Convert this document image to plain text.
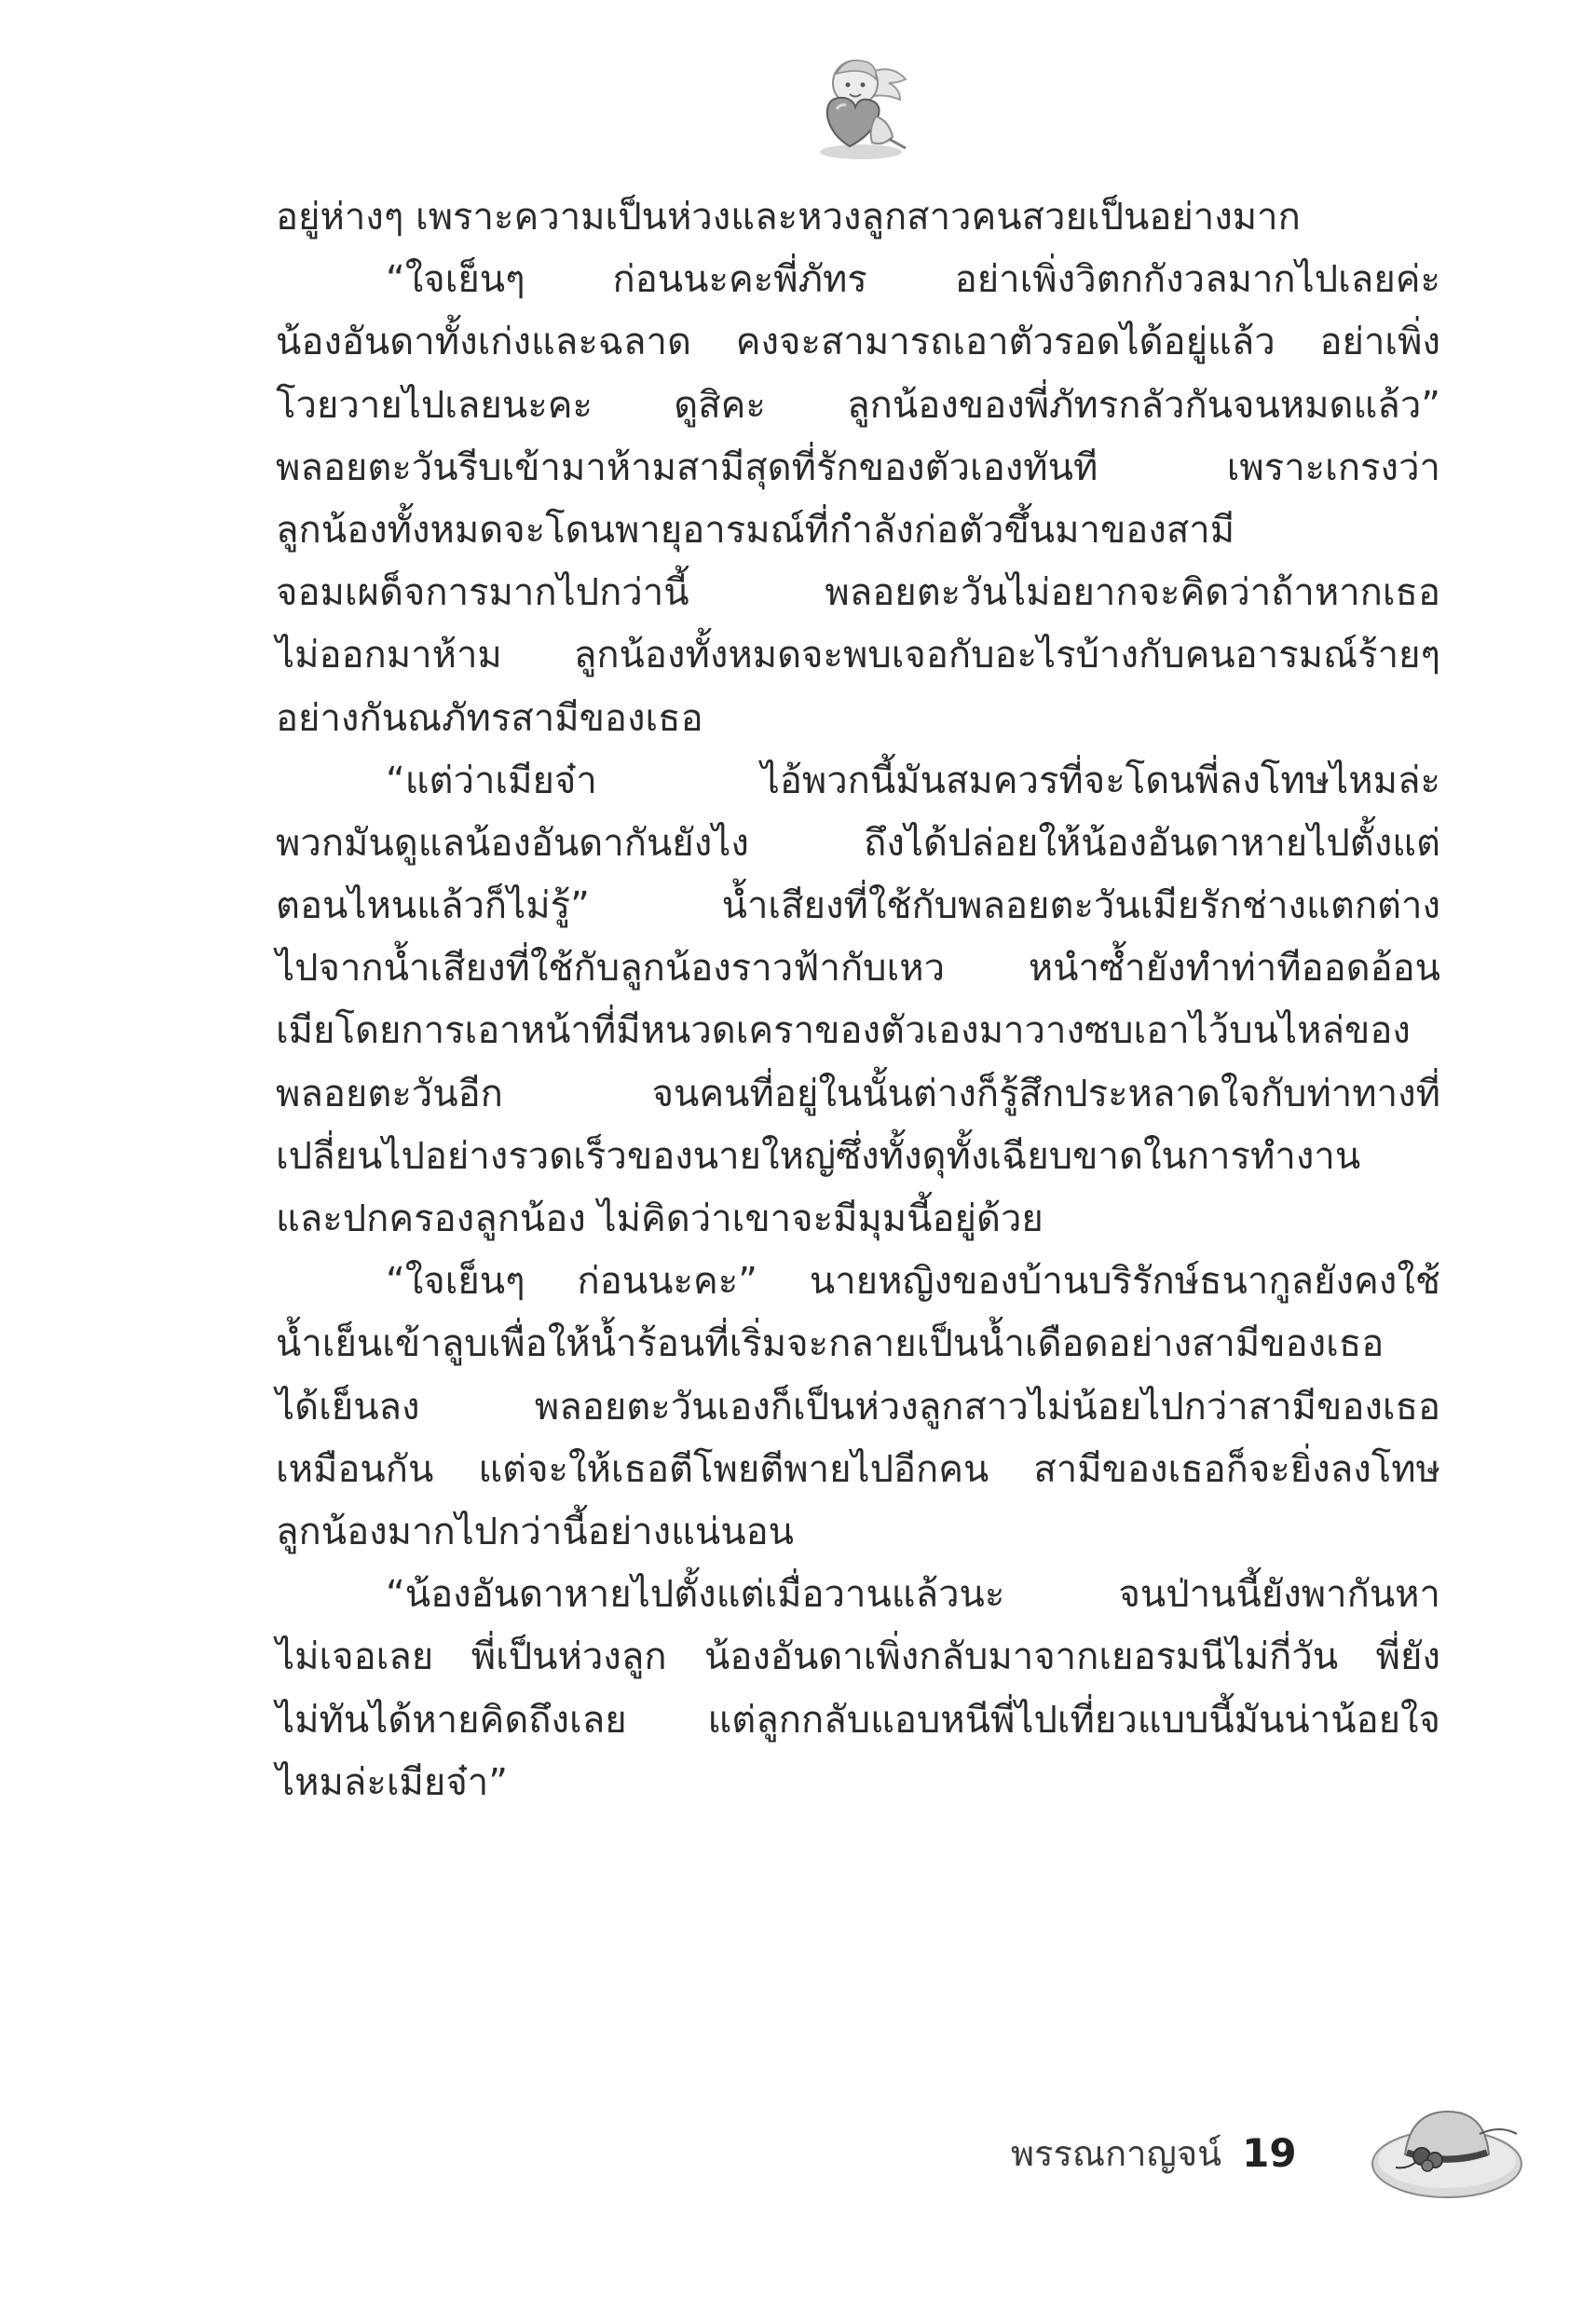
อยู่ห่างๆ เพราะความเป็นห่วงและหวงลูกสาวคนสวยเป็นอย่างมาก
“ใจเย็นๆ ก่อนนะคะพี่ภัทร อย่าเพิ่งวิตกกังวลมากไปเลยค่ะ
น้องอันดาทั้งเก่งและฉลาด คงจะสามารถเอาตัวรอดได้อยู่แล้ว อย่าเพิ่ง
โวยวายไปเลยนะคะ ดูสิคะ ลูกน้องของพี่ภัทรกลัวกันจนหมดแล้ว”
พลอยตะวันรีบเข้ามาห้ามสามีสุดที่รักของตัวเองทันที เพราะเกรงว่า
ลูกน้องทั้งหมดจะโดนพายุอารมณ์ที่กำลังก่อตัวขึ้นมาของสามี
จอมเผด็จการมากไปกว่านี้ พลอยตะวันไม่อยากจะคิดว่าถ้าหากเธอ
ไม่ออกมาห้าม ลูกน้องทั้งหมดจะพบเจอกับอะไรบ้างกับคนอารมณ์ร้ายๆ
อย่างกันณภัทรสามีของเธอ
“แต่ว่าเมียจ๋า ไอ้พวกนี้มันสมควรที่จะโดนพี่ลงโทษไหมล่ะ
พวกมันดูแลน้องอันดากันยังไง ถึงได้ปล่อยให้น้องอันดาหายไปตั้งแต่
ตอนไหนแล้วก็ไม่รู้” น้ำเสียงที่ใช้กับพลอยตะวันเมียรักช่างแตกต่าง
ไปจากน้ำเสียงที่ใช้กับลูกน้องราวฟ้ากับเหว หนำซ้ำยังทำท่าทีออดอ้อน
เมียโดยการเอาหน้าที่มีหนวดเคราของตัวเองมาวางซบเอาไว้บนไหล่ของ
พลอยตะวันอีก จนคนที่อยู่ในนั้นต่างก็รู้สึกประหลาดใจกับท่าทางที่
เปลี่ยนไปอย่างรวดเร็วของนายใหญ่ซึ่งทั้งดุทั้งเฉียบขาดในการทำงาน
และปกครองลูกน้อง ไม่คิดว่าเขาจะมีมุมนี้อยู่ด้วย
“ใจเย็นๆ ก่อนนะคะ” นายหญิงของบ้านบริรักษ์ธนากูลยังคงใช้
น้ำเย็นเข้าลูบเพื่อให้น้ำร้อนที่เริ่มจะกลายเป็นน้ำเดือดอย่างสามีของเธอ
ได้เย็นลง พลอยตะวันเองก็เป็นห่วงลูกสาวไม่น้อยไปกว่าสามีของเธอ
เหมือนกัน แต่จะให้เธอตีโพยตีพายไปอีกคน สามีของเธอก็จะยิ่งลงโทษ
ลูกน้องมากไปกว่านี้อย่างแน่นอน
“น้องอันดาหายไปตั้งแต่เมื่อวานแล้วนะ จนป่านนี้ยังพากันหา
ไม่เจอเลย พี่เป็นห่วงลูก น้องอันดาเพิ่งกลับมาจากเยอรมนีไม่กี่วัน พี่ยัง
ไม่ทันได้หายคิดถึงเลย แต่ลูกกลับแอบหนีพี่ไปเที่ยวแบบนี้มันน่าน้อยใจ
ไหมล่ะเมียจ๋า”
พรรณกาญจน์ 19
